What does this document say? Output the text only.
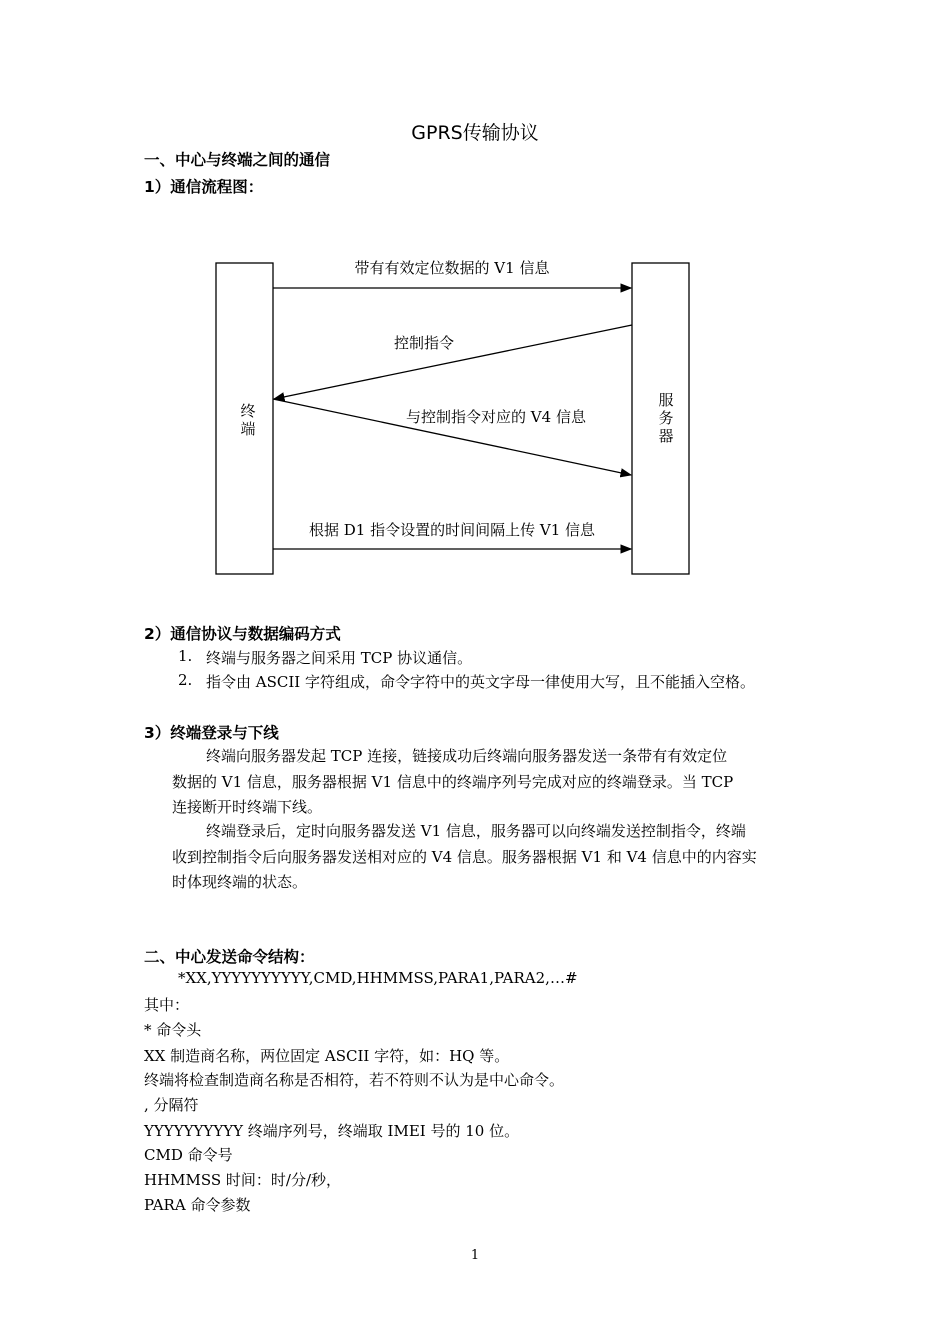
GPRS传输协议
一、中心与终端之间的通信
1）通信流程图：
终
端
服
务
器
带有有效定位数据的 V1 信息
控制指令
与控制指令对应的 V4 信息
根据 D1 指令设置的时间间隔上传 V1 信息
2）通信协议与数据编码方式
1. 终端与服务器之间采用 TCP 协议通信。
2. 指令由 ASCII 字符组成，命令字符中的英文字母一律使用大写，且不能插入空格。
3）终端登录与下线
终端向服务器发起 TCP 连接，链接成功后终端向服务器发送一条带有有效定位
数据的 V1 信息，服务器根据 V1 信息中的终端序列号完成对应的终端登录。当 TCP
连接断开时终端下线。
终端登录后，定时向服务器发送 V1 信息，服务器可以向终端发送控制指令，终端
收到控制指令后向服务器发送相对应的 V4 信息。服务器根据 V1 和 V4 信息中的内容实
时体现终端的状态。
二、中心发送命令结构：
*XX,YYYYYYYYYY,CMD,HHMMSS,PARA1,PARA2,…#
其中：
* 命令头
XX 制造商名称，两位固定 ASCII 字符，如：HQ 等。
终端将检查制造商名称是否相符，若不符则不认为是中心命令。
, 分隔符
YYYYYYYYYY 终端序列号，终端取 IMEI 号的 10 位。
CMD 命令号
HHMMSS 时间：时/分/秒，
PARA 命令参数
1
